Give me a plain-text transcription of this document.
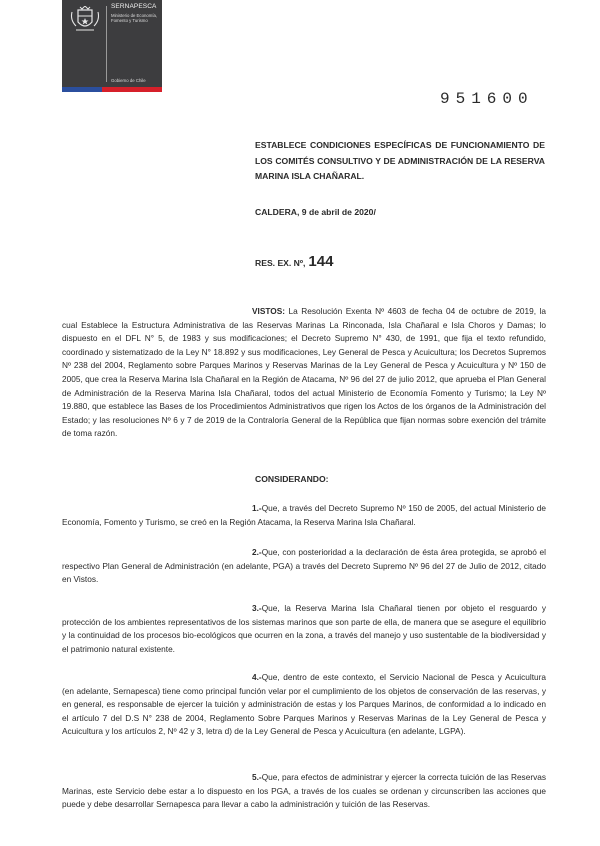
SERNAPESCA
Ministerio de Economía, Fomento y Turismo
Gobierno de Chile
951600
ESTABLECE CONDICIONES ESPECÍFICAS DE FUNCIONAMIENTO DE LOS COMITÉS CONSULTIVO Y DE ADMINISTRACIÓN DE LA RESERVA MARINA ISLA CHAÑARAL.
CALDERA, 9 de abril de 2020/
RES. EX. Nº, 144
VISTOS: La Resolución Exenta Nº 4603 de fecha 04 de octubre de 2019, la cual Establece la Estructura Administrativa de las Reservas Marinas La Rinconada, Isla Chañaral e Isla Choros y Damas; lo dispuesto en el DFL N° 5, de 1983 y sus modificaciones; el Decreto Supremo N° 430, de 1991, que fija el texto refundido, coordinado y sistematizado de la Ley N° 18.892 y sus modificaciones, Ley General de Pesca y Acuicultura; los Decretos Supremos Nº 238 del 2004, Reglamento sobre Parques Marinos y Reservas Marinas de la Ley General de Pesca y Acuicultura y Nº 150 de 2005, que crea la Reserva Marina Isla Chañaral en la Región de Atacama, Nº 96 del 27 de julio 2012, que aprueba el Plan General de Administración de la Reserva Marina Isla Chañaral, todos del actual Ministerio de Economía Fomento y Turismo; la Ley Nº 19.880, que establece las Bases de los Procedimientos Administrativos que rigen los Actos de los órganos de la Administración del Estado; y las resoluciones Nº 6 y 7 de 2019 de la Contraloría General de la República que fijan normas sobre exención del trámite de toma razón.
CONSIDERANDO:
1.-Que, a través del Decreto Supremo Nº 150 de 2005, del actual Ministerio de Economía, Fomento y Turismo, se creó en la Región Atacama, la Reserva Marina Isla Chañaral.
2.-Que, con posterioridad a la declaración de ésta área protegida, se aprobó el respectivo Plan General de Administración (en adelante, PGA) a través del Decreto Supremo Nº 96 del 27 de Julio de 2012, citado en Vistos.
3.-Que, la Reserva Marina Isla Chañaral tienen por objeto el resguardo y protección de los ambientes representativos de los sistemas marinos que son parte de ella, de manera que se asegure el equilibrio y la continuidad de los procesos bio-ecológicos que ocurren en la zona, a través del manejo y uso sustentable de la biodiversidad y el patrimonio natural existente.
4.-Que, dentro de este contexto, el Servicio Nacional de Pesca y Acuicultura (en adelante, Sernapesca) tiene como principal función velar por el cumplimiento de los objetos de conservación de las reservas, y en general, es responsable de ejercer la tuición y administración de estas y los Parques Marinos, de conformidad a lo indicado en el artículo 7 del D.S N° 238 de 2004, Reglamento Sobre Parques Marinos y Reservas Marinas de la Ley General de Pesca y Acuicultura y los artículos 2, Nº 42 y 3, letra d) de la Ley General de Pesca y Acuicultura (en adelante, LGPA).
5.-Que, para efectos de administrar y ejercer la correcta tuición de las Reservas Marinas, este Servicio debe estar a lo dispuesto en los PGA, a través de los cuales se ordenan y circunscriben las acciones que puede y debe desarrollar Sernapesca para llevar a cabo la administración y tuición de las Reservas.
